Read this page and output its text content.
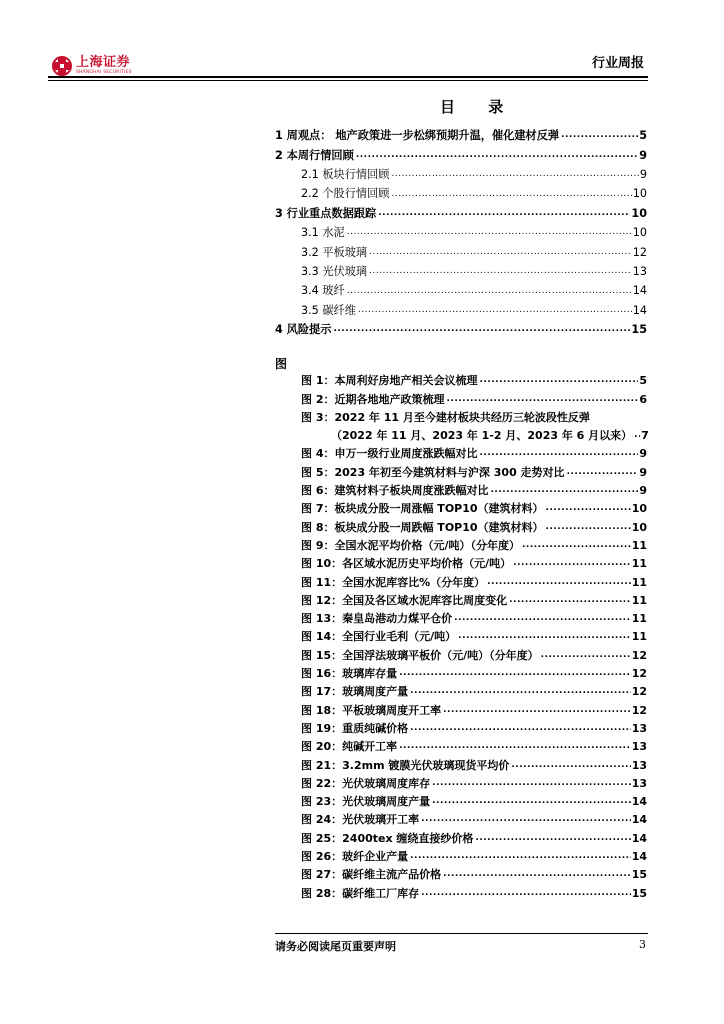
上海证券
SHANGHAI SECURITIES
行业周报
目 录
1 周观点： 地产政策进一步松绑预期升温，催化建材反弹 .....	5
2 本周行情回顾 .....	9
2.1 板块行情回顾 .....	9
2.2 个股行情回顾 .....	10
3 行业重点数据跟踪 .....	10
3.1 水泥 .....	10
3.2 平板玻璃 .....	12
3.3 光伏玻璃 .....	13
3.4 玻纤 .....	14
3.5 碳纤维 .....	14
4 风险提示 .....	15
图
图 1：本周利好房地产相关会议梳理 .....	5
图 2：近期各地地产政策梳理 .....	6
图 3：2022 年 11 月至今建材板块共经历三轮波段性反弹
（2022 年 11 月、2023 年 1-2 月、2023 年 6 月以来） ..... 7
图 4：申万一级行业周度涨跌幅对比 .....	9
图 5：2023 年初至今建筑材料与沪深 300 走势对比 .....	9
图 6：建筑材料子板块周度涨跌幅对比 .....	9
图 7：板块成分股一周涨幅 TOP10（建筑材料） .....	10
图 8：板块成分股一周跌幅 TOP10（建筑材料） .....	10
图 9：全国水泥平均价格（元/吨）（分年度） .....	11
图 10：各区域水泥历史平均价格（元/吨） .....	11
图 11：全国水泥库容比%（分年度） .....	11
图 12：全国及各区域水泥库容比周度变化 .....	11
图 13：秦皇岛港动力煤平仓价 .....	11
图 14：全国行业毛利（元/吨） .....	11
图 15：全国浮法玻璃平板价（元/吨）（分年度） .....	12
图 16：玻璃库存量 .....	12
图 17：玻璃周度产量 .....	12
图 18：平板玻璃周度开工率 .....	12
图 19：重质纯碱价格 .....	13
图 20：纯碱开工率 .....	13
图 21：3.2mm 镀膜光伏玻璃现货平均价 .....	13
图 22：光伏玻璃周度库存 .....	13
图 23：光伏玻璃周度产量 .....	14
图 24：光伏玻璃开工率 .....	14
图 25：2400tex 缠绕直接纱价格 .....	14
图 26：玻纤企业产量 .....	14
图 27：碳纤维主流产品价格 .....	15
图 28：碳纤维工厂库存 .....	15
请务必阅读尾页重要声明	3
